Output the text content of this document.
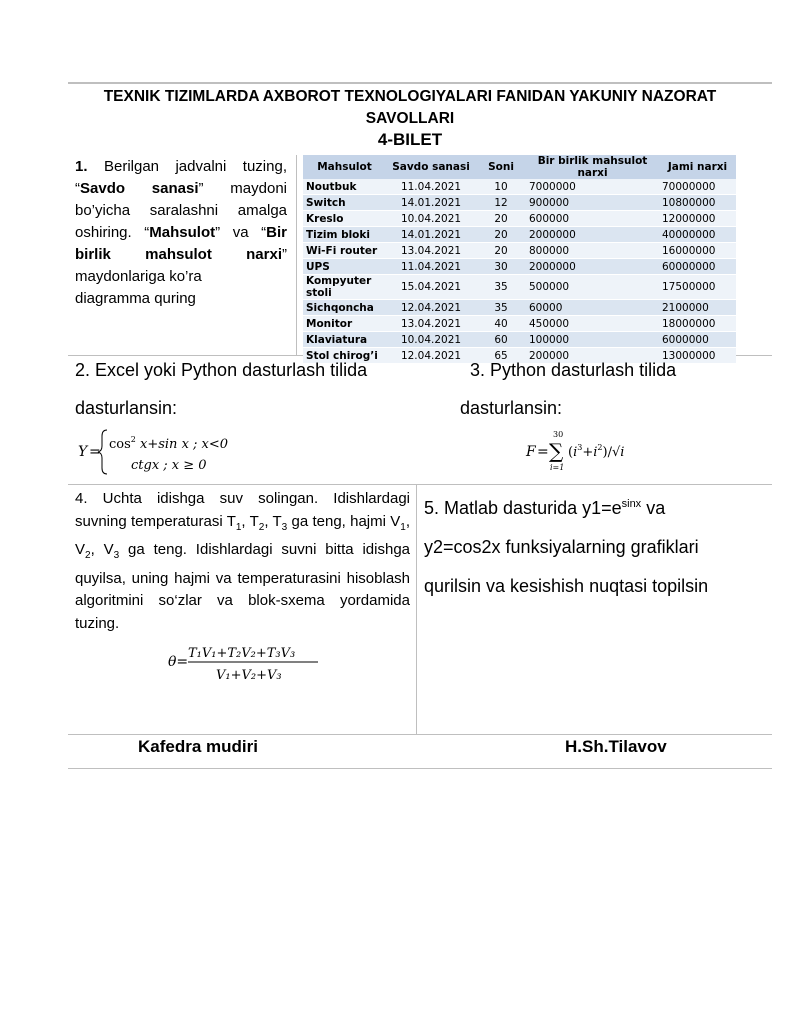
TEXNIK TIZIMLARDA AXBOROT TEXNOLOGIYALARI FANIDAN YAKUNIY NAZORAT SAVOLLARI
4-BILET
1. Berilgan jadvalni tuzing, “Savdo sanasi” maydoni bo’yicha saralashni amalga oshiring. “Mahsulot” va “Bir birlik mahsulot narxi” maydonlariga ko’ra
diagramma quring
Mahsulot	Savdo sanasi	Soni	Bir birlik mahsulot narxi	Jami narxi
Noutbuk	11.04.2021	10	7000000	70000000
Switch	14.01.2021	12	900000	10800000
Kreslo	10.04.2021	20	600000	12000000
Tizim bloki	14.01.2021	20	2000000	40000000
Wi-Fi router	13.04.2021	20	800000	16000000
UPS	11.04.2021	30	2000000	60000000
Kompyuter stoli	15.04.2021	35	500000	17500000
Sichqoncha	12.04.2021	35	60000	2100000
Monitor	13.04.2021	40	450000	18000000
Klaviatura	10.04.2021	60	100000	6000000
Stol chirog’i	12.04.2021	65	200000	13000000
2. Excel yoki Python dasturlash tilida
dasturlansin:
$Y = \cos^2 x+\sin$ x ; x<0
ctgx ; x ≥ 0
3. Python dasturlash tilida
dasturlansin:
F =
30
∑
i=1
$(i^3+i^2)/√i$
4. Uchta idishga suv solingan. Idishlardagi suvning temperaturasi $T_1$, $T_2$, $T_3$ ga teng, hajmi $V_1$, $V_2$, $V_3$ ga teng. Idishlardagi suvni bitta idishga quyilsa, uning hajmi va temperaturasini hisoblash algoritmini so‘zlar va blok-sxema yordamida tuzing.
θ=
T₁V₁+T₂V₂+T₃V₃
V₁+V₂+V₃
5. Matlab dasturida $y1=e^{sinx}$ va y2=cos2x funksiyalarning grafiklari qurilsin va kesishish nuqtasi topilsin
Kafedra mudiri	H.Sh.Tilavov
